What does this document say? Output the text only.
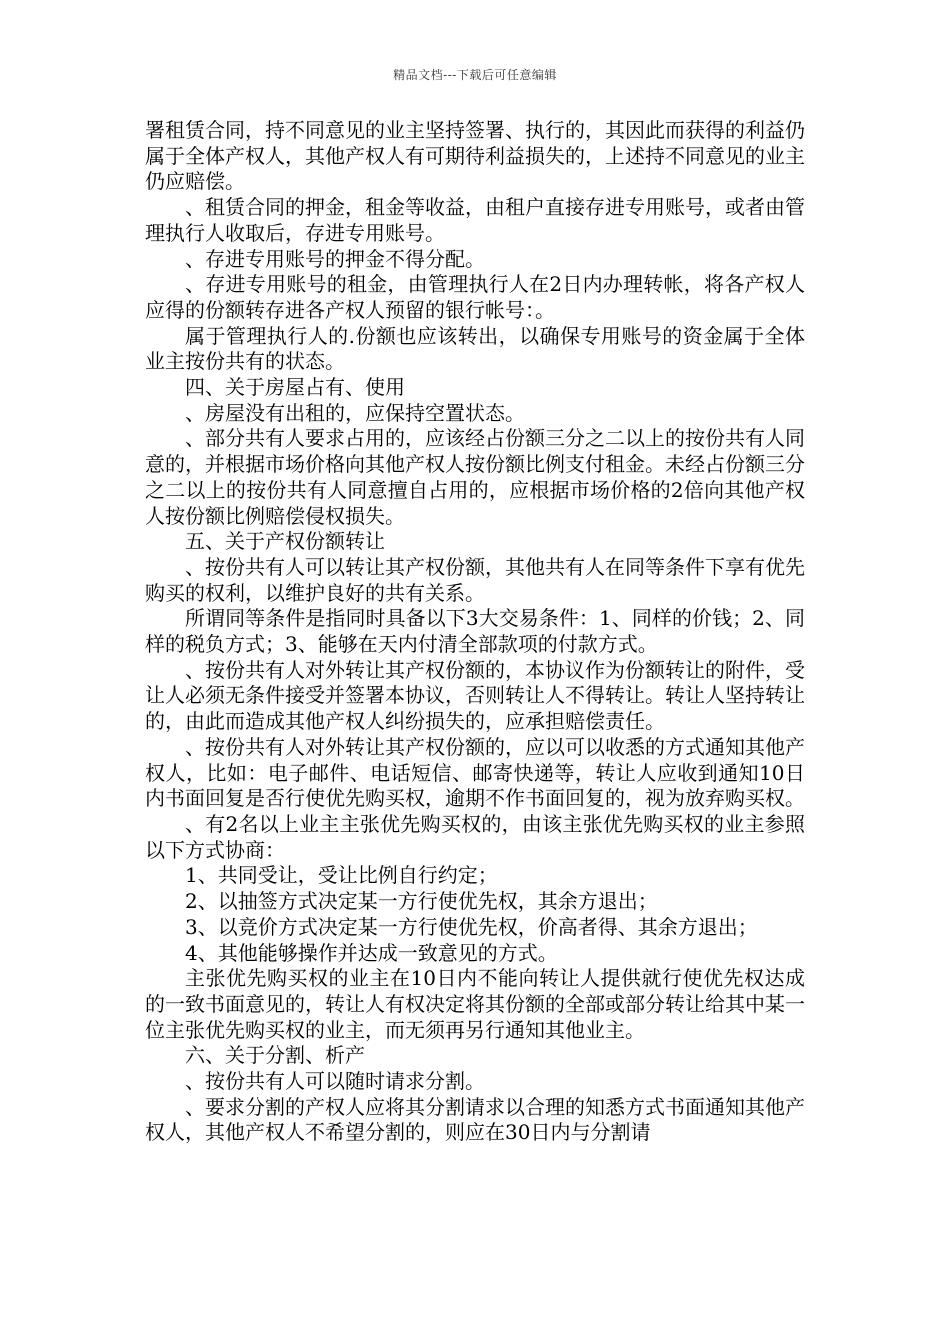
精品文档---下载后可任意编辑

署租赁合同，持不同意见的业主坚持签署、执行的，其因此而获得的利益仍属于全体产权人，其他产权人有可期待利益损失的，上述持不同意见的业主仍应赔偿。

、租赁合同的押金，租金等收益，由租户直接存进专用账号，或者由管理执行人收取后，存进专用账号。

、存进专用账号的押金不得分配。

、存进专用账号的租金，由管理执行人在2日内办理转帐，将各产权人应得的份额转存进各产权人预留的银行帐号：。

属于管理执行人的.份额也应该转出，以确保专用账号的资金属于全体业主按份共有的状态。

四、关于房屋占有、使用

、房屋没有出租的，应保持空置状态。

、部分共有人要求占用的，应该经占份额三分之二以上的按份共有人同意的，并根据市场价格向其他产权人按份额比例支付租金。未经占份额三分之二以上的按份共有人同意擅自占用的，应根据市场价格的2倍向其他产权人按份额比例赔偿侵权损失。

五、关于产权份额转让

、按份共有人可以转让其产权份额，其他共有人在同等条件下享有优先购买的权利，以维护良好的共有关系。

所谓同等条件是指同时具备以下3大交易条件：1、同样的价钱；2、同样的税负方式；3、能够在天内付清全部款项的付款方式。

、按份共有人对外转让其产权份额的，本协议作为份额转让的附件，受让人必须无条件接受并签署本协议，否则转让人不得转让。转让人坚持转让的，由此而造成其他产权人纠纷损失的，应承担赔偿责任。

、按份共有人对外转让其产权份额的，应以可以收悉的方式通知其他产权人，比如：电子邮件、电话短信、邮寄快递等，转让人应收到通知10日内书面回复是否行使优先购买权，逾期不作书面回复的，视为放弃购买权。

、有2名以上业主主张优先购买权的，由该主张优先购买权的业主参照以下方式协商：

1、共同受让，受让比例自行约定；

2、以抽签方式决定某一方行使优先权，其余方退出；

3、以竞价方式决定某一方行使优先权，价高者得、其余方退出；

4、其他能够操作并达成一致意见的方式。

主张优先购买权的业主在10日内不能向转让人提供就行使优先权达成的一致书面意见的，转让人有权决定将其份额的全部或部分转让给其中某一位主张优先购买权的业主，而无须再另行通知其他业主。

六、关于分割、析产

、按份共有人可以随时请求分割。

、要求分割的产权人应将其分割请求以合理的知悉方式书面通知其他产权人，其他产权人不希望分割的，则应在30日内与分割请
